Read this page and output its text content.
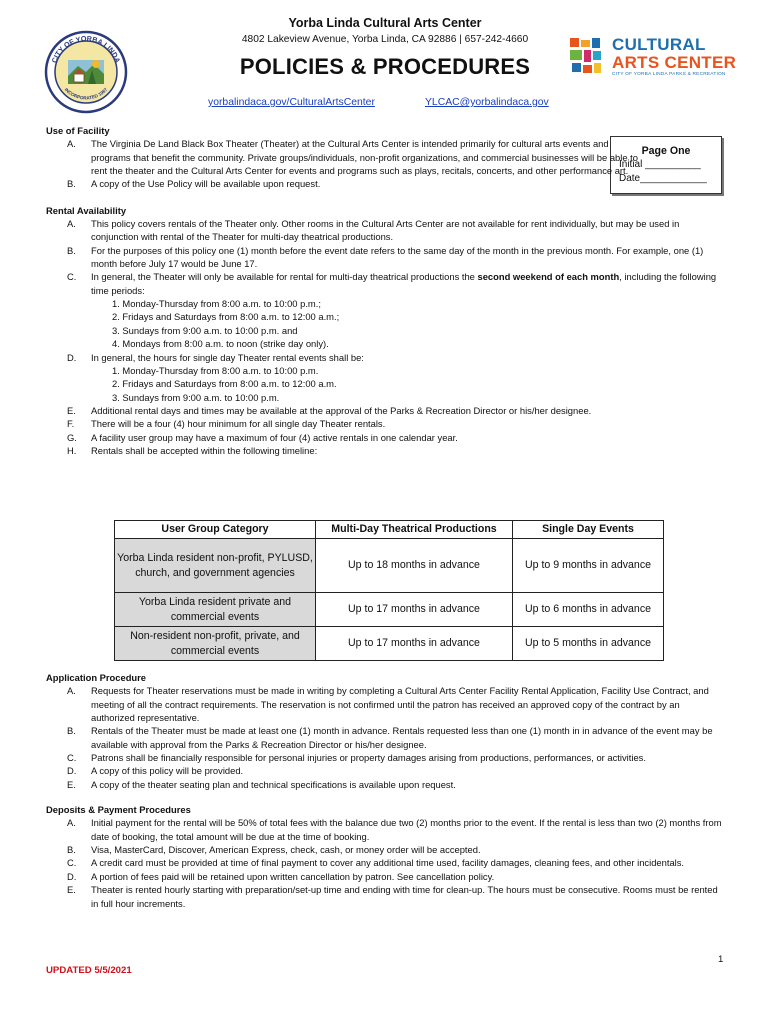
CITY OF YORBA LINDA
INCORPORATED 1967
CULTURAL
ARTS CENTER
CITY OF YORBA LINDA PARKS & RECREATION
Yorba Linda Cultural Arts Center
4802 Lakeview Avenue, Yorba Linda, CA 92886 | 657-242-4660
POLICIES & PROCEDURES
yorbalindaca.gov/CulturalArtsCenter	YLCAC@yorbalindaca.gov
Page One
Initial __________
Date____________
Use of Facility
A. The Virginia De Land Black Box Theater (Theater) at the Cultural Arts Center is intended primarily for cultural arts events and programs that benefit the community. Private groups/individuals, non-profit organizations, and commercial businesses will be able to rent the theater and the Cultural Arts Center for events and programs such as plays, recitals, concerts, and other performance art.
B. A copy of the Use Policy will be available upon request.
Rental Availability
A. This policy covers rentals of the Theater only. Other rooms in the Cultural Arts Center are not available for rent individually, but may be used in conjunction with rental of the Theater for multi-day theatrical productions.
B. For the purposes of this policy one (1) month before the event date refers to the same day of the month in the previous month. For example, one (1) month before July 17 would be June 17.
C. In general, the Theater will only be available for rental for multi-day theatrical productions the second weekend of each month, including the following time periods:
1. Monday-Thursday from 8:00 a.m. to 10:00 p.m.;
2. Fridays and Saturdays from 8:00 a.m. to 12:00 a.m.;
3. Sundays from 9:00 a.m. to 10:00 p.m. and
4. Mondays from 8:00 a.m. to noon (strike day only).
D. In general, the hours for single day Theater rental events shall be:
1. Monday-Thursday from 8:00 a.m. to 10:00 p.m.
2. Fridays and Saturdays from 8:00 a.m. to 12:00 a.m.
3. Sundays from 9:00 a.m. to 10:00 p.m.
E. Additional rental days and times may be available at the approval of the Parks & Recreation Director or his/her designee.
F. There will be a four (4) hour minimum for all single day Theater rentals.
G. A facility user group may have a maximum of four (4) active rentals in one calendar year.
H. Rentals shall be accepted within the following timeline:
User Group Category	Multi-Day Theatrical Productions	Single Day Events
Yorba Linda resident non-profit, PYLUSD, church, and government agencies	Up to 18 months in advance	Up to 9 months in advance
Yorba Linda resident private and commercial events	Up to 17 months in advance	Up to 6 months in advance
Non-resident non-profit, private, and commercial events	Up to 17 months in advance	Up to 5 months in advance
Application Procedure
A. Requests for Theater reservations must be made in writing by completing a Cultural Arts Center Facility Rental Application, Facility Use Contract, and meeting of all the contract requirements. The reservation is not confirmed until the patron has received an approved copy of the contract by an authorized representative.
B. Rentals of the Theater must be made at least one (1) month in advance. Rentals requested less than one (1) month in in advance of the event may be available with approval from the Parks & Recreation Director or his/her designee.
C. Patrons shall be financially responsible for personal injuries or property damages arising from productions, performances, or activities.
D. A copy of this policy will be provided.
E. A copy of the theater seating plan and technical specifications is available upon request.
Deposits & Payment Procedures
A. Initial payment for the rental will be 50% of total fees with the balance due two (2) months prior to the event. If the rental is less than two (2) months from date of booking, the total amount will be due at the time of booking.
B. Visa, MasterCard, Discover, American Express, check, cash, or money order will be accepted.
C. A credit card must be provided at time of final payment to cover any additional time used, facility damages, cleaning fees, and other incidentals.
D. A portion of fees paid will be retained upon written cancellation by patron. See cancellation policy.
E. Theater is rented hourly starting with preparation/set-up time and ending with time for clean-up. The hours must be consecutive. Rooms must be rented in full hour increments.
1
UPDATED 5/5/2021
